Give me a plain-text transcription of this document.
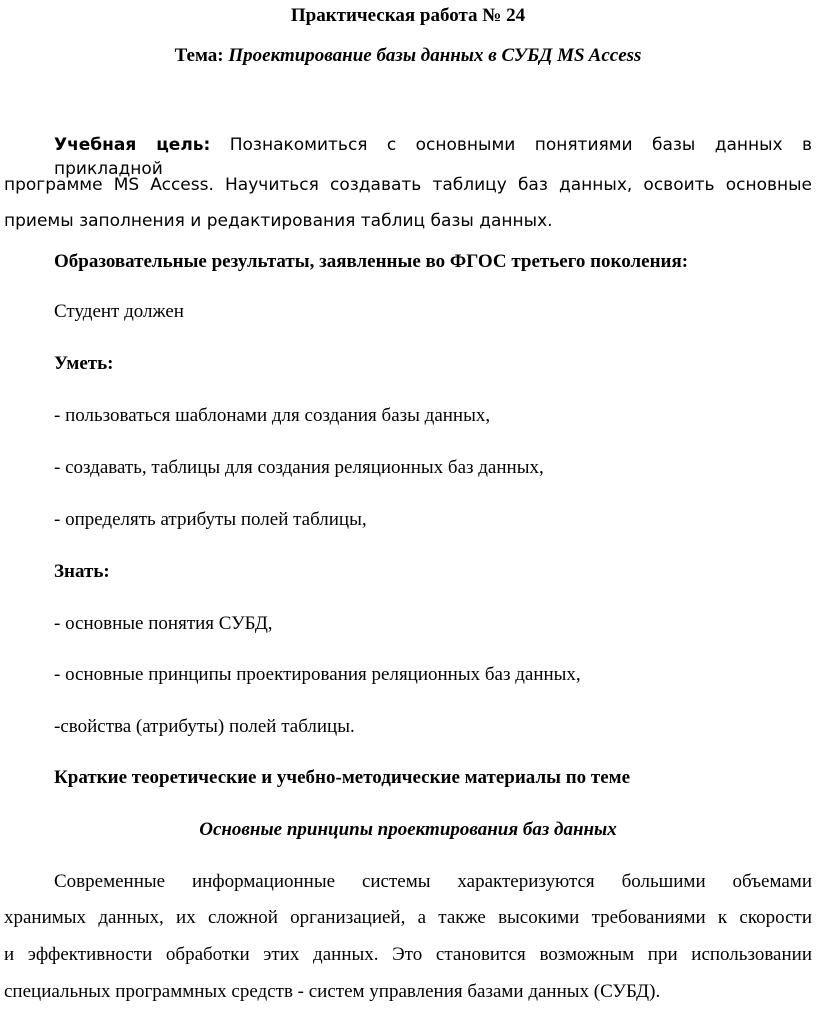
Практическая работа № 24
Тема: Проектирование базы данных в СУБД MS Access
Учебная цель: Познакомиться с основными понятиями базы данных в прикладной
программе MS Access. Научиться создавать таблицу баз данных, освоить основные
приемы заполнения и редактирования таблиц базы данных.
Образовательные результаты, заявленные во ФГОС третьего поколения:
Студент должен
Уметь:
- пользоваться шаблонами для создания базы данных,
- создавать, таблицы для создания реляционных баз данных,
- определять атрибуты полей таблицы,
Знать:
- основные понятия СУБД,
- основные принципы проектирования реляционных баз данных,
-свойства (атрибуты) полей таблицы.
Краткие теоретические и учебно-методические материалы по теме
Основные принципы проектирования баз данных
Современные информационные системы характеризуются большими объемами
хранимых данных, их сложной организацией, а также высокими требованиями к скорости
и эффективности обработки этих данных. Это становится возможным при использовании
специальных программных средств - систем управления базами данных (СУБД).
